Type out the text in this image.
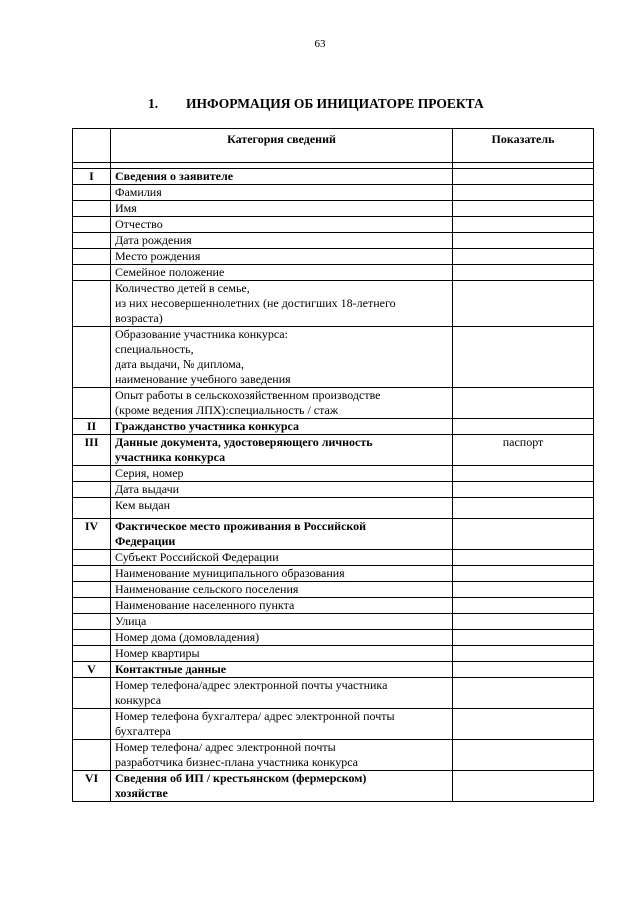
63
1. ИНФОРМАЦИЯ ОБ ИНИЦИАТОРЕ ПРОЕКТА
	Категория сведений	Показатель

I	Сведения о заявителе	

	Фамилия	

	Имя	

	Отчество	

	Дата рождения	

	Место рождения	

	Семейное положение	

	Количество детей в семье,
из них несовершеннолетних (не достигших 18-летнего
возраста)	

	Образование участника конкурса:
специальность,
дата выдачи, № диплома,
наименование учебного заведения	

	Опыт работы в сельскохозяйственном производстве
(кроме ведения ЛПХ):специальность / стаж	

II	Гражданство участника конкурса	

III	Данные документа, удостоверяющего личность
участника конкурса	паспорт

	Серия, номер	

	Дата выдачи	

	Кем выдан	

IV	Фактическое место проживания в Российской
Федерации	

	Субъект Российской Федерации	

	Наименование муниципального образования	

	Наименование сельского поселения	

	Наименование населенного пункта	

	Улица	

	Номер дома (домовладения)	

	Номер квартиры	

V	Контактные данные	

	Номер телефона/адрес электронной почты участника
конкурса	

	Номер телефона бухгалтера/ адрес электронной почты
бухгалтера	

	Номер телефона/ адрес электронной почты
разработчика бизнес-плана участника конкурса	

VI	Сведения об ИП / крестьянском (фермерском)
хозяйстве	
